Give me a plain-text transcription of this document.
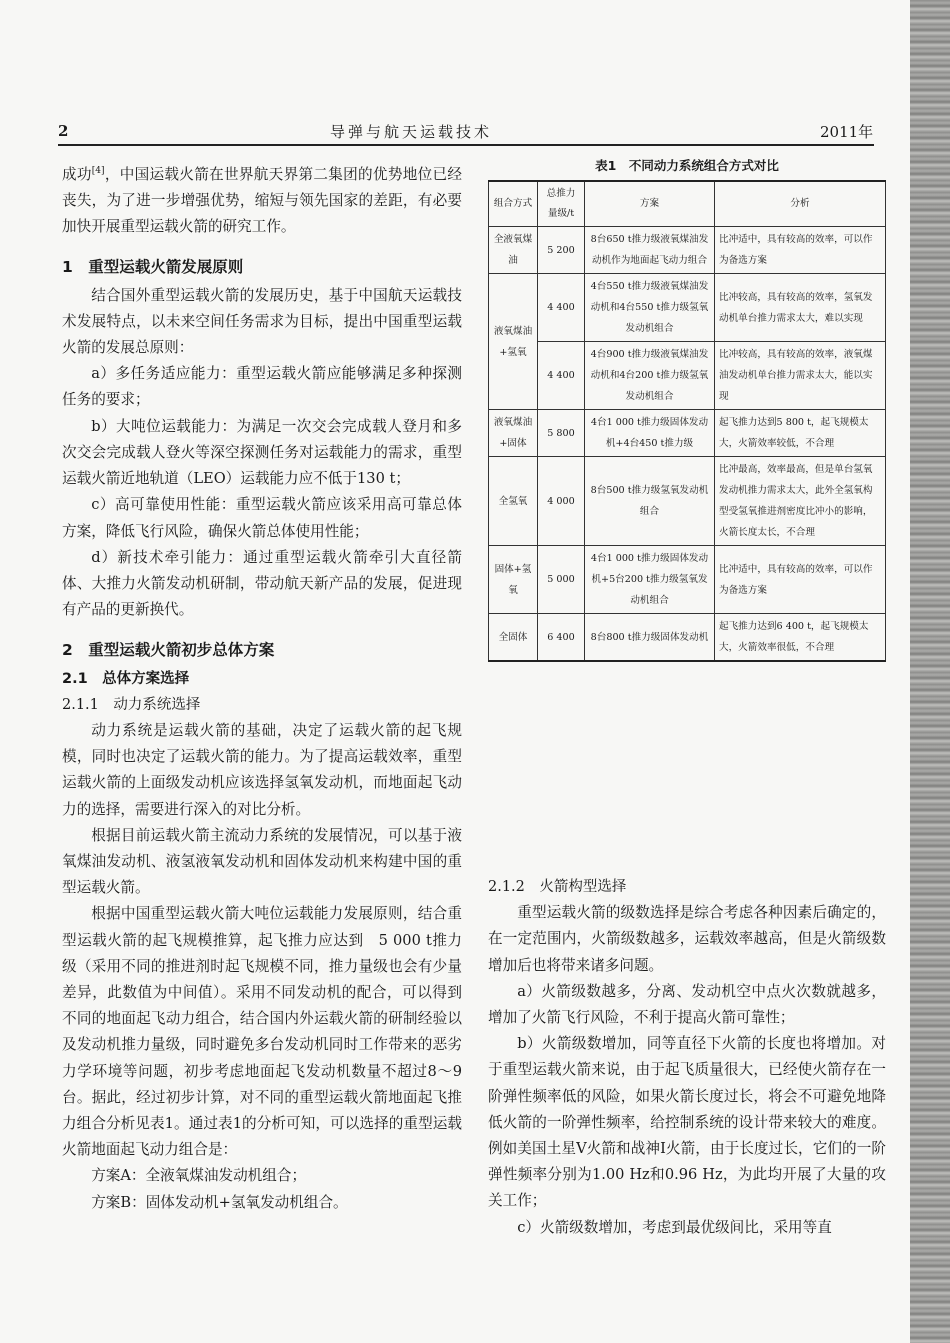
2	导弹与航天运载技术	2011年

成功[4]，中国运载火箭在世界航天界第二集团的优势地位已经丧失，为了进一步增强优势，缩短与领先国家的差距，有必要加快开展重型运载火箭的研究工作。

1　重型运载火箭发展原则

结合国外重型运载火箭的发展历史，基于中国航天运载技术发展特点，以未来空间任务需求为目标，提出中国重型运载火箭的发展总原则：

a）多任务适应能力：重型运载火箭应能够满足多种探测任务的要求；

b）大吨位运载能力：为满足一次交会完成载人登月和多次交会完成载人登火等深空探测任务对运载能力的需求，重型运载火箭近地轨道（LEO）运载能力应不低于130 t；

c）高可靠使用性能：重型运载火箭应该采用高可靠总体方案，降低飞行风险，确保火箭总体使用性能；

d）新技术牵引能力：通过重型运载火箭牵引大直径箭体、大推力火箭发动机研制，带动航天新产品的发展，促进现有产品的更新换代。

2　重型运载火箭初步总体方案
2.1　总体方案选择
2.1.1　动力系统选择

动力系统是运载火箭的基础，决定了运载火箭的起飞规模，同时也决定了运载火箭的能力。为了提高运载效率，重型运载火箭的上面级发动机应该选择氢氧发动机，而地面起飞动力的选择，需要进行深入的对比分析。

根据目前运载火箭主流动力系统的发展情况，可以基于液氧煤油发动机、液氢液氧发动机和固体发动机来构建中国的重型运载火箭。

根据中国重型运载火箭大吨位运载能力发展原则，结合重型运载火箭的起飞规模推算，起飞推力应达到　5 000 t推力级（采用不同的推进剂时起飞规模不同，推力量级也会有少量差异，此数值为中间值）。采用不同发动机的配合，可以得到不同的地面起飞动力组合，结合国内外运载火箭的研制经验以及发动机推力量级，同时避免多台发动机同时工作带来的恶劣力学环境等问题，初步考虑地面起飞发动机数量不超过8～9台。据此，经过初步计算，对不同的重型运载火箭地面起飞推力组合分析见表1。通过表1的分析可知，可以选择的重型运载火箭地面起飞动力组合是：

方案A：全液氧煤油发动机组合；

方案B：固体发动机+氢氧发动机组合。

表1　不同动力系统组合方式对比
组合方式	总推力量级/t	方案	分析
全液氧煤油	5 200	8台650 t推力级液氧煤油发动机作为地面起飞动力组合	比冲适中，具有较高的效率，可以作为备选方案
液氧煤油+氢氧	4 400	4台550 t推力级液氧煤油发动机和4台550 t推力级氢氧发动机组合	比冲较高，具有较高的效率，氢氧发动机单台推力需求太大，难以实现
	4 400	4台900 t推力级液氧煤油发动机和4台200 t推力级氢氧发动机组合	比冲较高，具有较高的效率，液氧煤油发动机单台推力需求太大，能以实现
液氧煤油+固体	5 800	4台1 000 t推力级固体发动机+4台450 t推力级	起飞推力达到5 800 t，起飞规模太大，火箭效率较低，不合理
全氢氧	4 000	8台500 t推力级氢氧发动机组合	比冲最高，效率最高，但是单台氢氧发动机推力需求太大，此外全氢氧构型受氢氧推进剂密度比冲小的影响，火箭长度太长，不合理
固体+氢氧	5 000	4台1 000 t推力级固体发动机+5台200 t推力级氢氧发动机组合	比冲适中，具有较高的效率，可以作为备选方案
全固体	6 400	8台800 t推力级固体发动机	起飞推力达到6 400 t，起飞规模太大，火箭效率很低，不合理
2.1.2　火箭构型选择

重型运载火箭的级数选择是综合考虑各种因素后确定的，在一定范围内，火箭级数越多，运载效率越高，但是火箭级数增加后也将带来诸多问题。

a）火箭级数越多，分离、发动机空中点火次数就越多，增加了火箭飞行风险，不利于提高火箭可靠性；

b）火箭级数增加，同等直径下火箭的长度也将增加。对于重型运载火箭来说，由于起飞质量很大，已经使火箭存在一阶弹性频率低的风险，如果火箭长度过长，将会不可避免地降低火箭的一阶弹性频率，给控制系统的设计带来较大的难度。例如美国土星V火箭和战神I火箭，由于长度过长，它们的一阶弹性频率分别为1.00 Hz和0.96 Hz，为此均开展了大量的攻关工作；

c）火箭级数增加，考虑到最优级间比，采用等直
